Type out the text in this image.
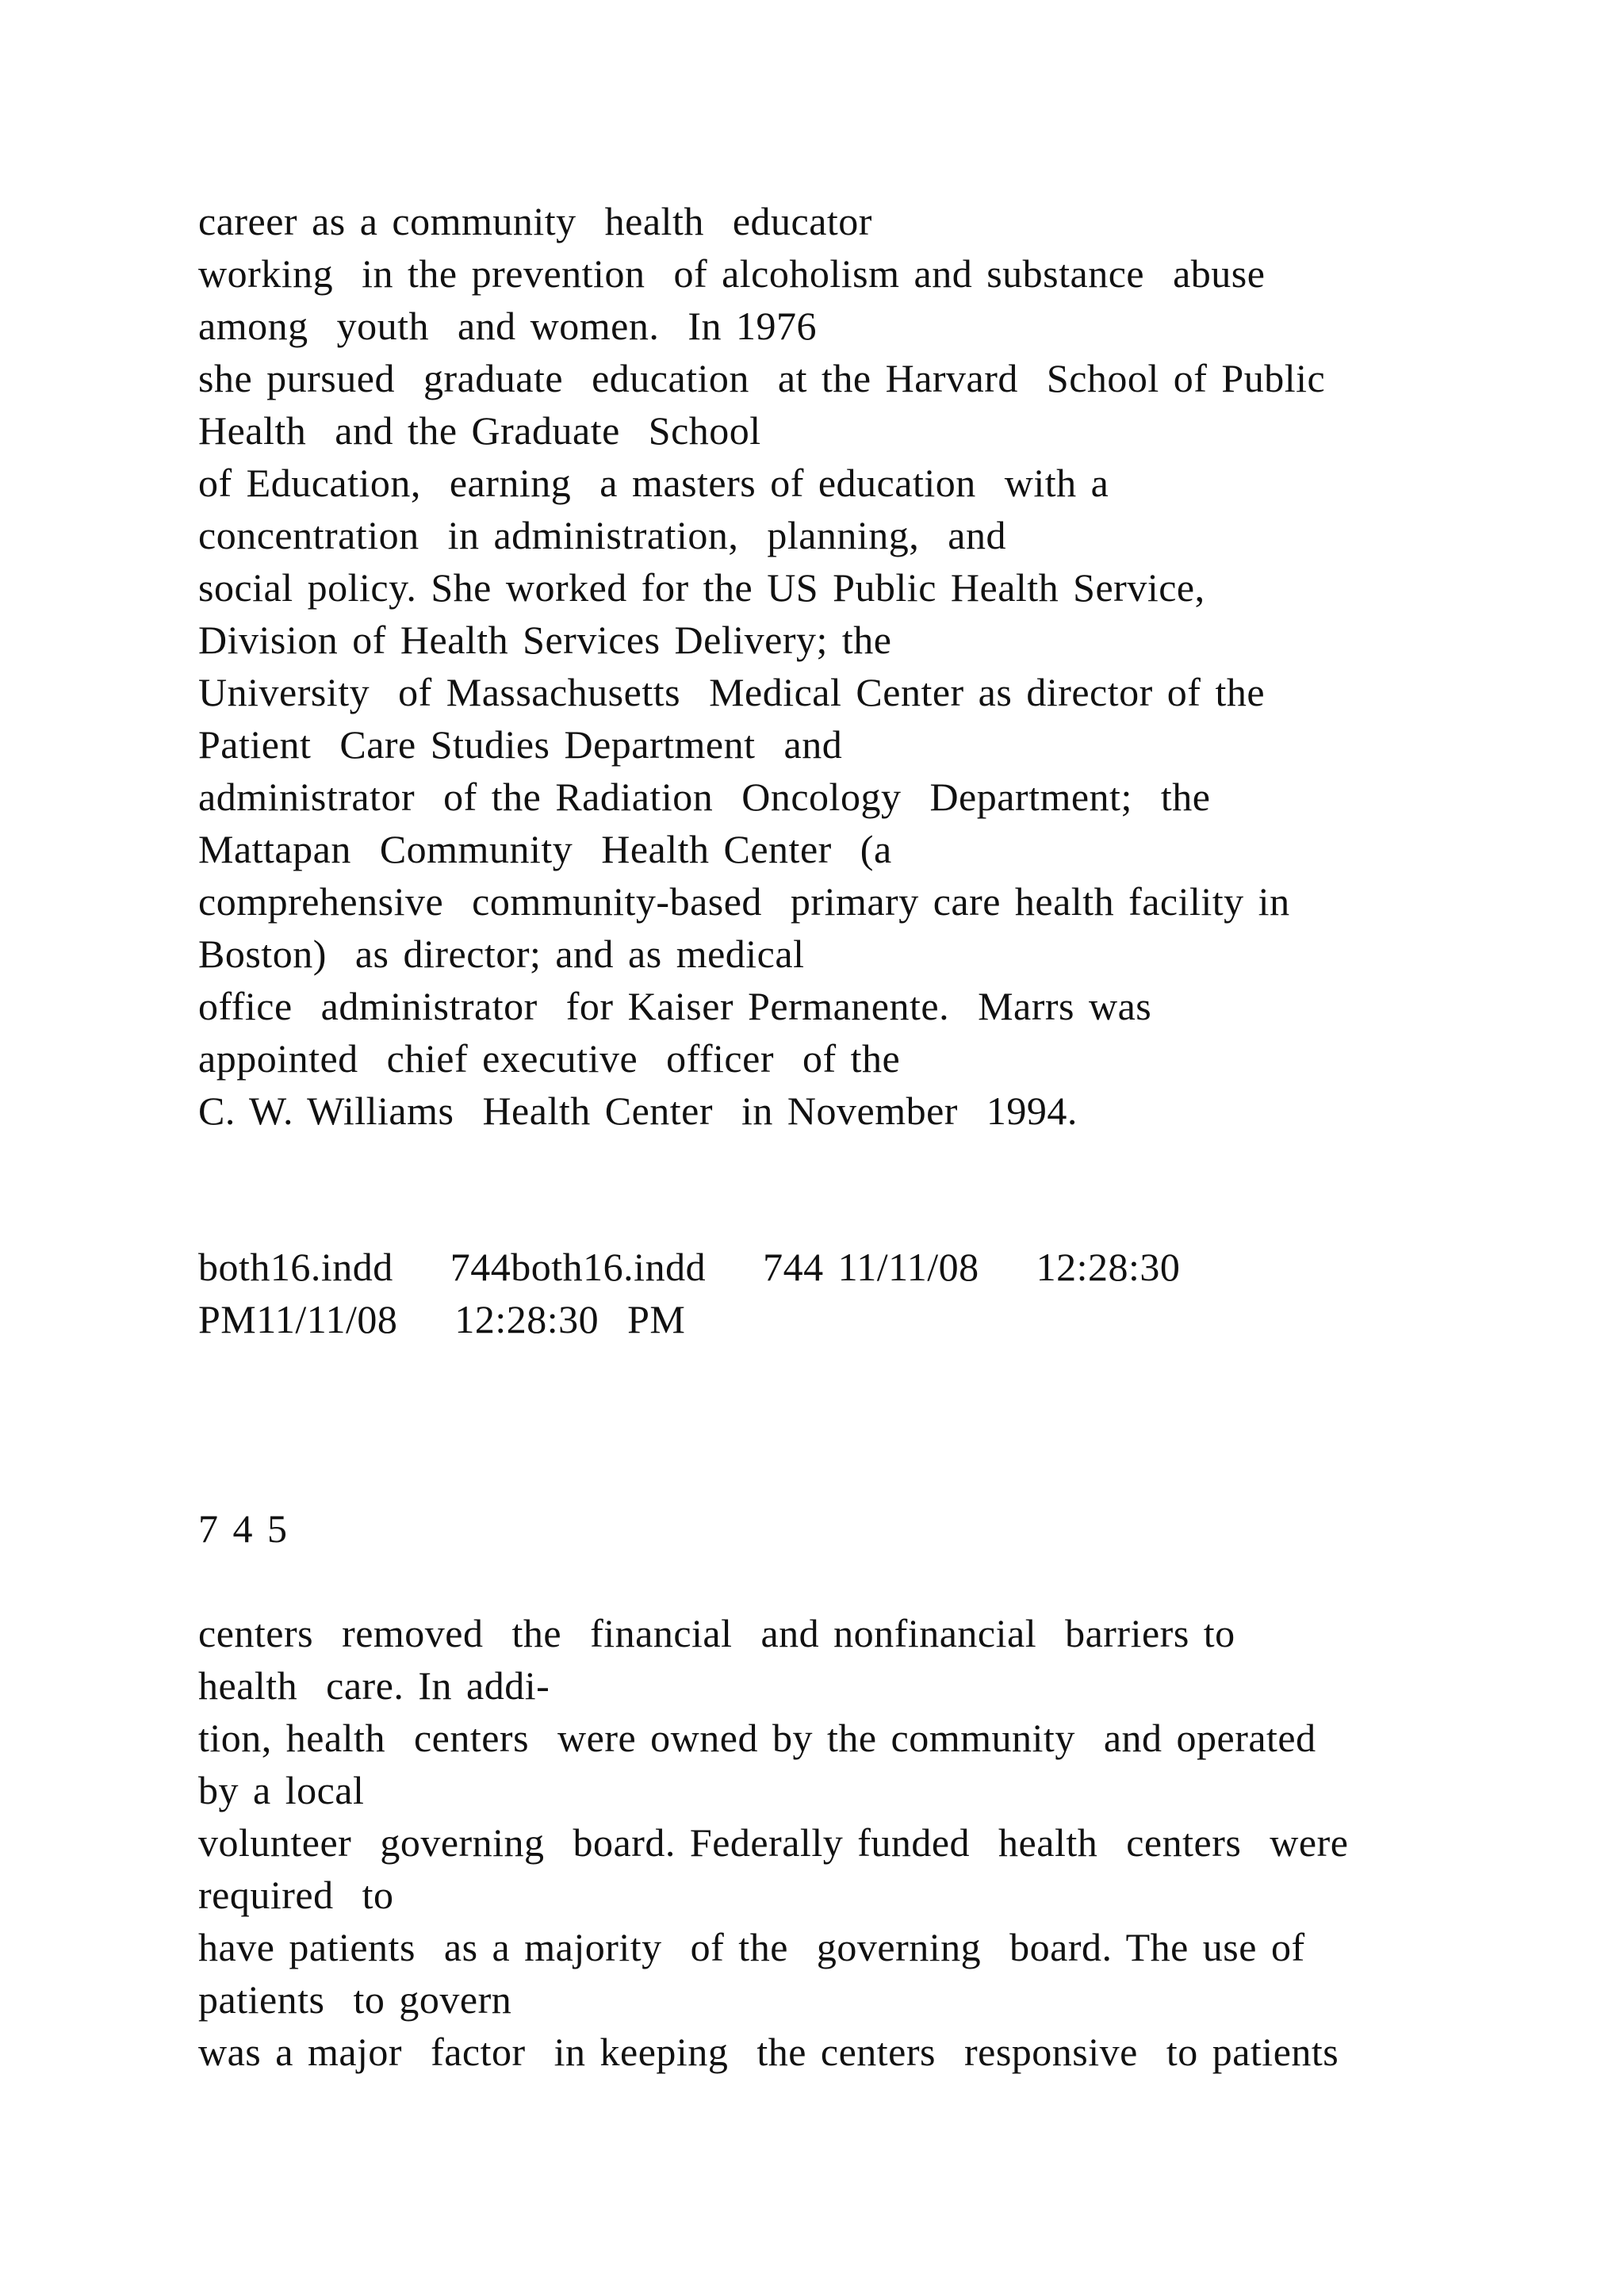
career as a community  health  educator
working  in the prevention  of alcoholism and substance  abuse
among  youth  and women.  In 1976
she pursued  graduate  education  at the Harvard  School of Public
Health  and the Graduate  School
of Education,  earning  a masters of education  with a
concentration  in administration,  planning,  and
social policy. She worked for the US Public Health Service,
Division of Health Services Delivery; the
University  of Massachusetts  Medical Center as director of the
Patient  Care Studies Department  and
administrator  of the Radiation  Oncology  Department;  the
Mattapan  Community  Health Center  (a
comprehensive  community-based  primary care health facility in
Boston)  as director; and as medical
office  administrator  for Kaiser Permanente.  Marrs was
appointed  chief executive  officer  of the
C. W. Williams  Health Center  in November  1994.
both16.indd    744both16.indd    744 11/11/08    12:28:30
PM11/11/08    12:28:30  PM
7 4 5
centers  removed  the  financial  and nonfinancial  barriers to
health  care. In addi-
tion, health  centers  were owned by the community  and operated
by a local
volunteer  governing  board. Federally funded  health  centers  were
required  to
have patients  as a majority  of the  governing  board. The use of
patients  to govern
was a major  factor  in keeping  the centers  responsive  to patients
